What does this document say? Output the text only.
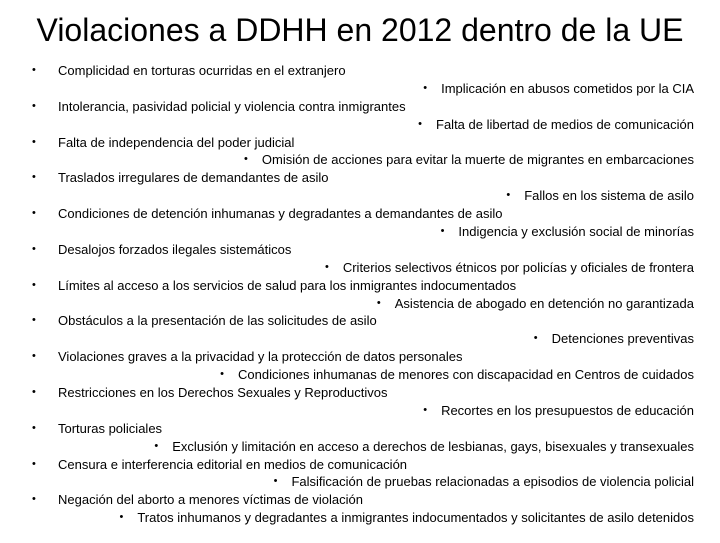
Violaciones a DDHH en 2012 dentro de la UE
• Complicidad en torturas ocurridas en el extranjero
• Implicación en abusos cometidos por la CIA
• Intolerancia, pasividad policial y violencia contra inmigrantes
• Falta de libertad de medios de comunicación
• Falta de independencia del poder judicial
• Omisión de acciones para evitar la muerte de migrantes en embarcaciones
• Traslados irregulares de demandantes de asilo
• Fallos en los sistema de asilo
• Condiciones de detención inhumanas y degradantes a demandantes de asilo
• Indigencia y exclusión social de minorías
• Desalojos forzados ilegales sistemáticos
• Criterios selectivos étnicos por policías y oficiales de frontera
• Límites al acceso a los servicios de salud para los inmigrantes indocumentados
• Asistencia de abogado en detención no garantizada
• Obstáculos a la presentación de las solicitudes de asilo
• Detenciones preventivas
• Violaciones graves a la privacidad y la protección de datos personales
• Condiciones inhumanas de menores con discapacidad en Centros de cuidados
• Restricciones en los Derechos Sexuales y Reproductivos
• Recortes en los presupuestos de educación
• Torturas policiales
• Exclusión y limitación en acceso a derechos de lesbianas, gays, bisexuales y transexuales
• Censura e interferencia editorial en medios de comunicación
• Falsificación de pruebas relacionadas a episodios de violencia policial
• Negación del aborto a menores víctimas de violación
• Tratos inhumanos y degradantes a inmigrantes indocumentados y solicitantes de asilo detenidos
